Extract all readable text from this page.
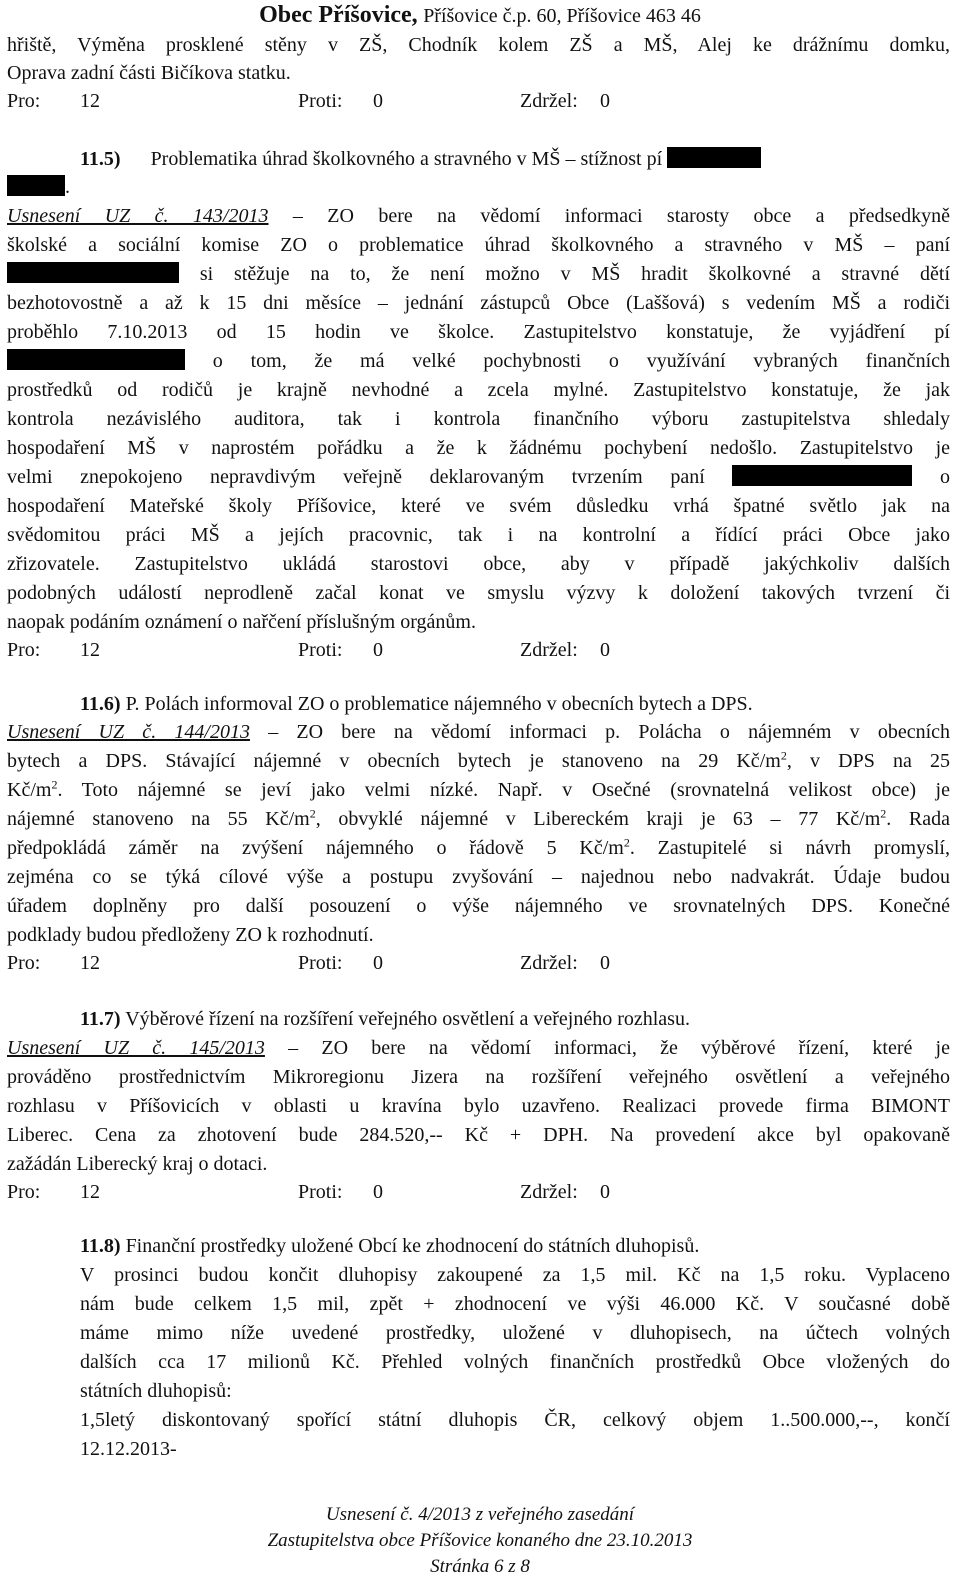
Obec Příšovice, Příšovice č.p. 60, Příšovice 463 46
hřiště, Výměna prosklené stěny v ZŠ, Chodník kolem ZŠ a MŠ, Alej ke drážnímu domku,
Oprava zadní části Bičíkova statku.
Pro: 12	Proti: 0	Zdržel: 0
11.5) Problematika úhrad školkovného a stravného v MŠ – stížnost pí
.
Usnesení UZ č. 143/2013 – ZO bere na vědomí informaci starosty obce a předsedkyně
školské a sociální komise ZO o problematice úhrad školkovného a stravného v MŠ – paní
si stěžuje na to, že není možno v MŠ hradit školkovné a stravné dětí
bezhotovostně a až k 15 dni měsíce – jednání zástupců Obce (Laššová) s vedením MŠ a rodiči
proběhlo 7.10.2013 od 15 hodin ve školce. Zastupitelstvo konstatuje, že vyjádření pí
o tom, že má velké pochybnosti o využívání vybraných finančních
prostředků od rodičů je krajně nevhodné a zcela mylné. Zastupitelstvo konstatuje, že jak
kontrola nezávislého auditora, tak i kontrola finančního výboru zastupitelstva shledaly
hospodaření MŠ v naprostém pořádku a že k žádnému pochybení nedošlo. Zastupitelstvo je
velmi znepokojeno nepravdivým veřejně deklarovaným tvrzením paní	o
hospodaření Mateřské školy Příšovice, které ve svém důsledku vrhá špatné světlo jak na
svědomitou práci MŠ a jejích pracovnic, tak i na kontrolní a řídící práci Obce jako
zřizovatele. Zastupitelstvo ukládá starostovi obce, aby v případě jakýchkoliv dalších
podobných událostí neprodleně začal konat ve smyslu výzvy k doložení takových tvrzení či
naopak podáním oznámení o nařčení příslušným orgánům.
Pro: 12	Proti: 0	Zdržel: 0
11.6) P. Polách informoval ZO o problematice nájemného v obecních bytech a DPS.
Usnesení UZ č. 144/2013 – ZO bere na vědomí informaci p. Polácha o nájemném v obecních
bytech a DPS. Stávající nájemné v obecních bytech je stanoveno na 29 $Kč/m^2$, v DPS na 25
$Kč/m^2$. Toto nájemné se jeví jako velmi nízké. Např. v Osečné (srovnatelná velikost obce) je
nájemné stanoveno na 55 $Kč/m^2$, obvyklé nájemné v Libereckém kraji je 63 – 77 $Kč/m^2$. Rada
předpokládá záměr na zvýšení nájemného o řádově 5 $Kč/m^2$. Zastupitelé si návrh promyslí,
zejména co se týká cílové výše a postupu zvyšování – najednou nebo nadvakrát. Údaje budou
úřadem doplněny pro další posouzení o výše nájemného ve srovnatelných DPS. Konečné
podklady budou předloženy ZO k rozhodnutí.
Pro: 12	Proti: 0	Zdržel: 0
11.7) Výběrové řízení na rozšíření veřejného osvětlení a veřejného rozhlasu.
Usnesení UZ č. 145/2013 – ZO bere na vědomí informaci, že výběrové řízení, které je
prováděno prostřednictvím Mikroregionu Jizera na rozšíření veřejného osvětlení a veřejného
rozhlasu v Příšovicích v oblasti u kravína bylo uzavřeno. Realizaci provede firma BIMONT
Liberec. Cena za zhotovení bude 284.520,-- Kč + DPH. Na provedení akce byl opakovaně
zažádán Liberecký kraj o dotaci.
Pro: 12	Proti: 0	Zdržel: 0
11.8) Finanční prostředky uložené Obcí ke zhodnocení do státních dluhopisů.
V prosinci budou končit dluhopisy zakoupené za 1,5 mil. Kč na 1,5 roku. Vyplaceno
nám bude celkem 1,5 mil, zpět + zhodnocení ve výši 46.000 Kč. V současné době
máme mimo níže uvedené prostředky, uložené v dluhopisech, na účtech volných
dalších cca 17 milionů Kč. Přehled volných finančních prostředků Obce vložených do
státních dluhopisů:
1,5letý diskontovaný spořící státní dluhopis ČR, celkový objem 1..500.000,--, končí
12.12.2013-
Usnesení č. 4/2013 z veřejného zasedání
Zastupitelstva obce Příšovice konaného dne 23.10.2013
Stránka 6 z 8
